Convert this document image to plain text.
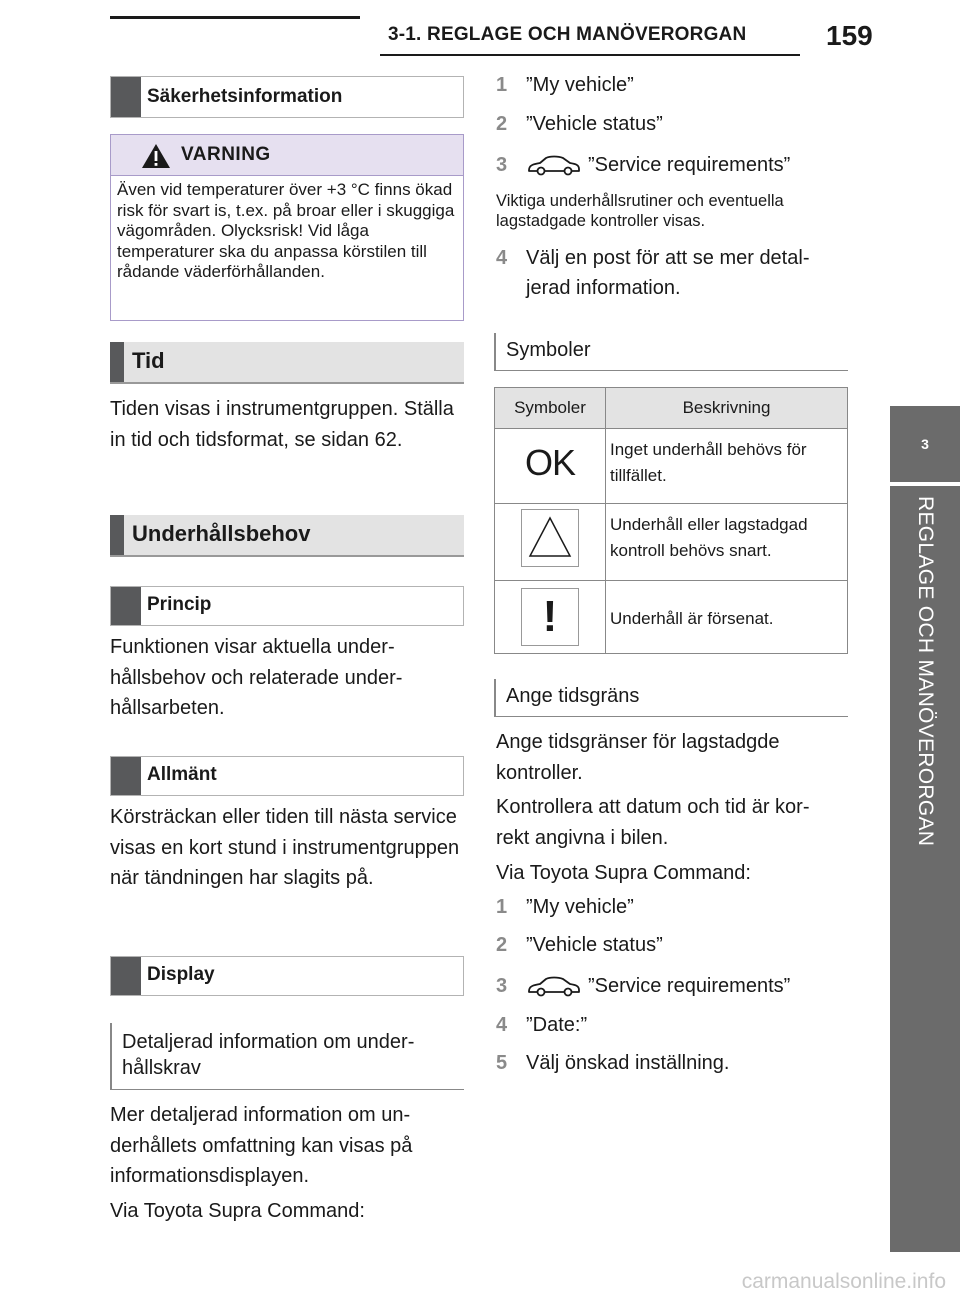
3-1. REGLAGE OCH MANÖVERORGAN	159
3
REGLAGE OCH MANÖVERORGAN
Säkerhetsinformation
VARNING
Även vid temperaturer över +3 °C finns ökad risk för svart is, t.ex. på broar eller i skuggiga vägområden. Olycksrisk! Vid låga temperaturer ska du anpassa körstilen till rådande väderförhållanden.
Tid
Tiden visas i instrumentgruppen. Ställa in tid och tidsformat, se sidan 62.
Underhållsbehov
Princip
Funktionen visar aktuella underhållsbehov och relaterade underhållsarbeten.
Allmänt
Körsträckan eller tiden till nästa service visas en kort stund i instrumentgruppen när tändningen har slagits på.
Display
Detaljerad information om underhållskrav
Mer detaljerad information om underhållets omfattning kan visas på informationsdisplayen.
Via Toyota Supra Command:
1 ”My vehicle”
2 ”Vehicle status”
3	”Service requirements”
Viktiga underhållsrutiner och eventuella lagstadgade kontroller visas.
4 Välj en post för att se mer detaljerad information.
Symboler
Symboler	Beskrivning
OK	Inget underhåll behövs för tillfället.
	Underhåll eller lagstadgad kontroll behövs snart.
!	Underhåll är försenat.
Ange tidsgräns
Ange tidsgränser för lagstadgde kontroller.
Kontrollera att datum och tid är korrekt angivna i bilen.
Via Toyota Supra Command:
1 ”My vehicle”
2 ”Vehicle status”
3	”Service requirements”
4 ”Date:”
5 Välj önskad inställning.
carmanualsonline.info
